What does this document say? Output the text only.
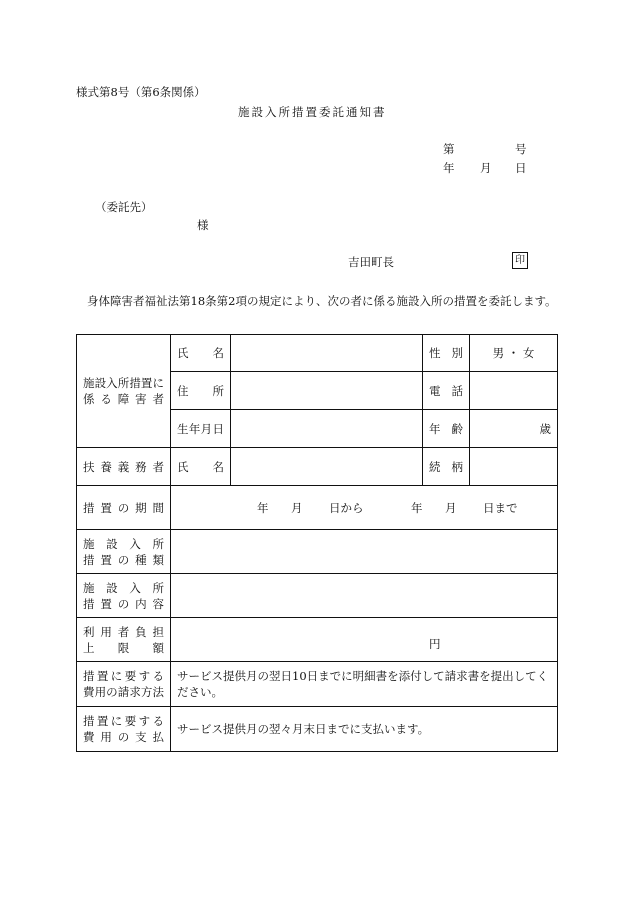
様式第8号（第6条関係）
施設入所措置委託通知書
第	号
年 月 日
（委託先）
様
吉田町長	印
身体障害者福祉法第18条第2項の規定により、次の者に係る施設入所の措置を委託します。
施設入所措置に
係る障害者	氏名		性別	男 ・ 女

	住所		電話	

	生年月日		年齢	歳

扶養義務者	氏名		続柄	

措置の期間	年 月 日から 年 月 日まで			

施設入所
措置の種類				

施設入所
措置の内容				

利用者負担
上限額	円			

措置に要する
費用の請求方法	サービス提供月の翌日10日までに明細書を添付して請求書を提出してください。			

措置に要する
費用の支払	サービス提供月の翌々月末日までに支払います。			
